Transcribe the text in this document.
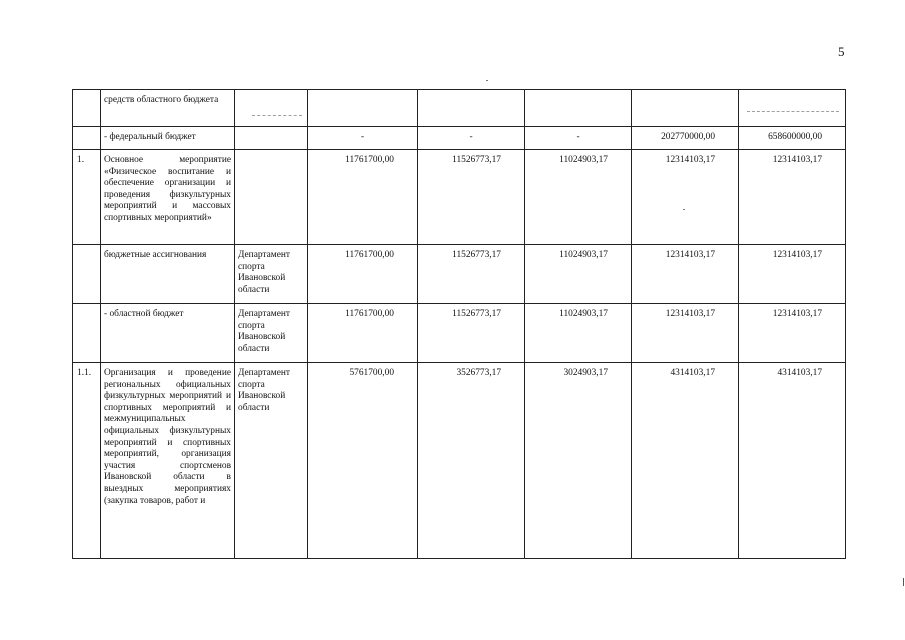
5
	средств областного бюджета	

	- федеральный бюджет		-	-	-	202770000,00	658600000,00
1.	Основное мероприятие «Физическое воспитание и обеспечение организации и проведения физкультурных мероприятий и массовых спортивных мероприятий»		11761700,00	11526773,17	11024903,17	12314103,17	12314103,17
	бюджетные ассигнования	Департамент спорта Ивановской области	11761700,00	11526773,17	11024903,17	12314103,17	12314103,17
	- областной бюджет	Департамент спорта Ивановской области	11761700,00	11526773,17	11024903,17	12314103,17	12314103,17
1.1.	Организация и проведение региональных официальных физкультурных мероприятий и спортивных мероприятий и межмуниципальных официальных физкультурных мероприятий и спортивных мероприятий, организация участия спортсменов Ивановской области в выездных мероприятиях (закупка товаров, работ и	Департамент спорта Ивановской области	5761700,00	3526773,17	3024903,17	4314103,17	4314103,17
